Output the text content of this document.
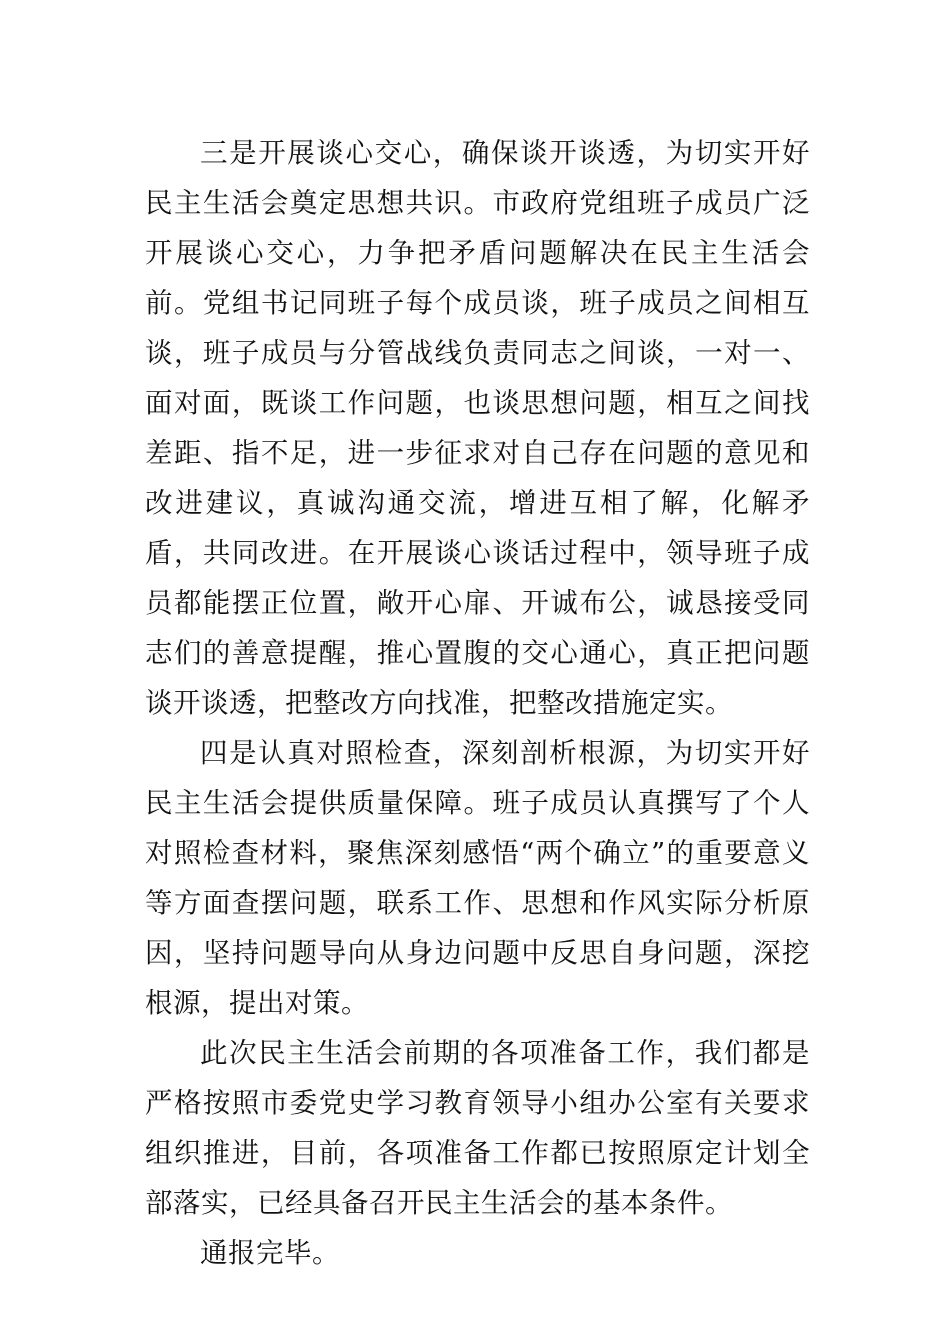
三是开展谈心交心，确保谈开谈透，为切实开好民主生活会奠定思想共识。市政府党组班子成员广泛开展谈心交心，力争把矛盾问题解决在民主生活会前。党组书记同班子每个成员谈，班子成员之间相互谈，班子成员与分管战线负责同志之间谈，一对一、面对面，既谈工作问题，也谈思想问题，相互之间找差距、指不足，进一步征求对自己存在问题的意见和改进建议，真诚沟通交流，增进互相了解，化解矛盾，共同改进。在开展谈心谈话过程中，领导班子成员都能摆正位置，敞开心扉、开诚布公，诚恳接受同志们的善意提醒，推心置腹的交心通心，真正把问题谈开谈透，把整改方向找准，把整改措施定实。

四是认真对照检查，深刻剖析根源，为切实开好民主生活会提供质量保障。班子成员认真撰写了个人对照检查材料，聚焦深刻感悟“两个确立”的重要意义等方面查摆问题，联系工作、思想和作风实际分析原因，坚持问题导向从身边问题中反思自身问题，深挖根源，提出对策。

此次民主生活会前期的各项准备工作，我们都是严格按照市委党史学习教育领导小组办公室有关要求组织推进，目前，各项准备工作都已按照原定计划全部落实，已经具备召开民主生活会的基本条件。

通报完毕。
